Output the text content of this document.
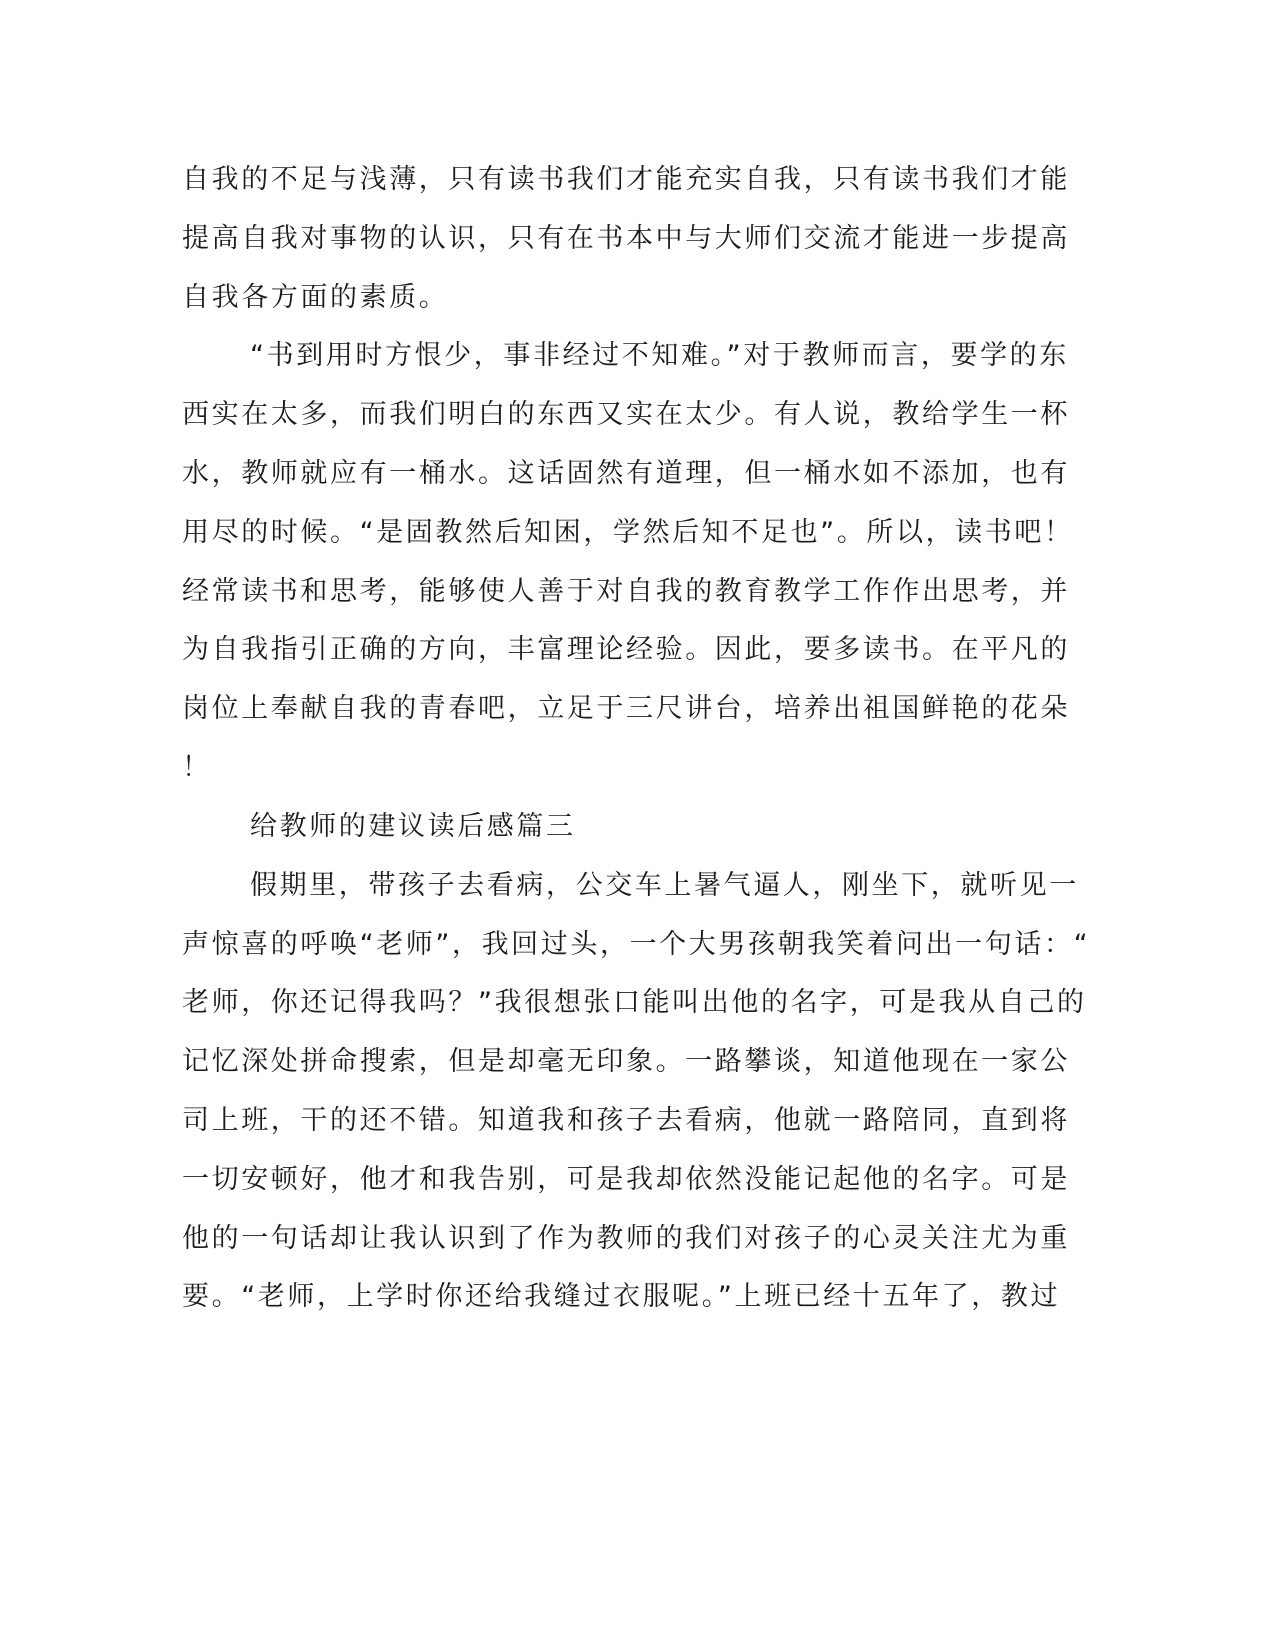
自我的不足与浅薄，只有读书我们才能充实自我，只有读书我们才能
提高自我对事物的认识，只有在书本中与大师们交流才能进一步提高
自我各方面的素质。
“书到用时方恨少，事非经过不知难。”对于教师而言，要学的东
西实在太多，而我们明白的东西又实在太少。有人说，教给学生一杯
水，教师就应有一桶水。这话固然有道理，但一桶水如不添加，也有
用尽的时候。“是固教然后知困，学然后知不足也”。所以，读书吧！
经常读书和思考，能够使人善于对自我的教育教学工作作出思考，并
为自我指引正确的方向，丰富理论经验。因此，要多读书。在平凡的
岗位上奉献自我的青春吧，立足于三尺讲台，培养出祖国鲜艳的花朵
！
给教师的建议读后感篇三
假期里，带孩子去看病，公交车上暑气逼人，刚坐下，就听见一
声惊喜的呼唤“老师”，我回过头，一个大男孩朝我笑着问出一句话：“
老师，你还记得我吗？”我很想张口能叫出他的名字，可是我从自己的
记忆深处拼命搜索，但是却毫无印象。一路攀谈，知道他现在一家公
司上班，干的还不错。知道我和孩子去看病，他就一路陪同，直到将
一切安顿好，他才和我告别，可是我却依然没能记起他的名字。可是
他的一句话却让我认识到了作为教师的我们对孩子的心灵关注尤为重
要。“老师，上学时你还给我缝过衣服呢。”上班已经十五年了，教过
